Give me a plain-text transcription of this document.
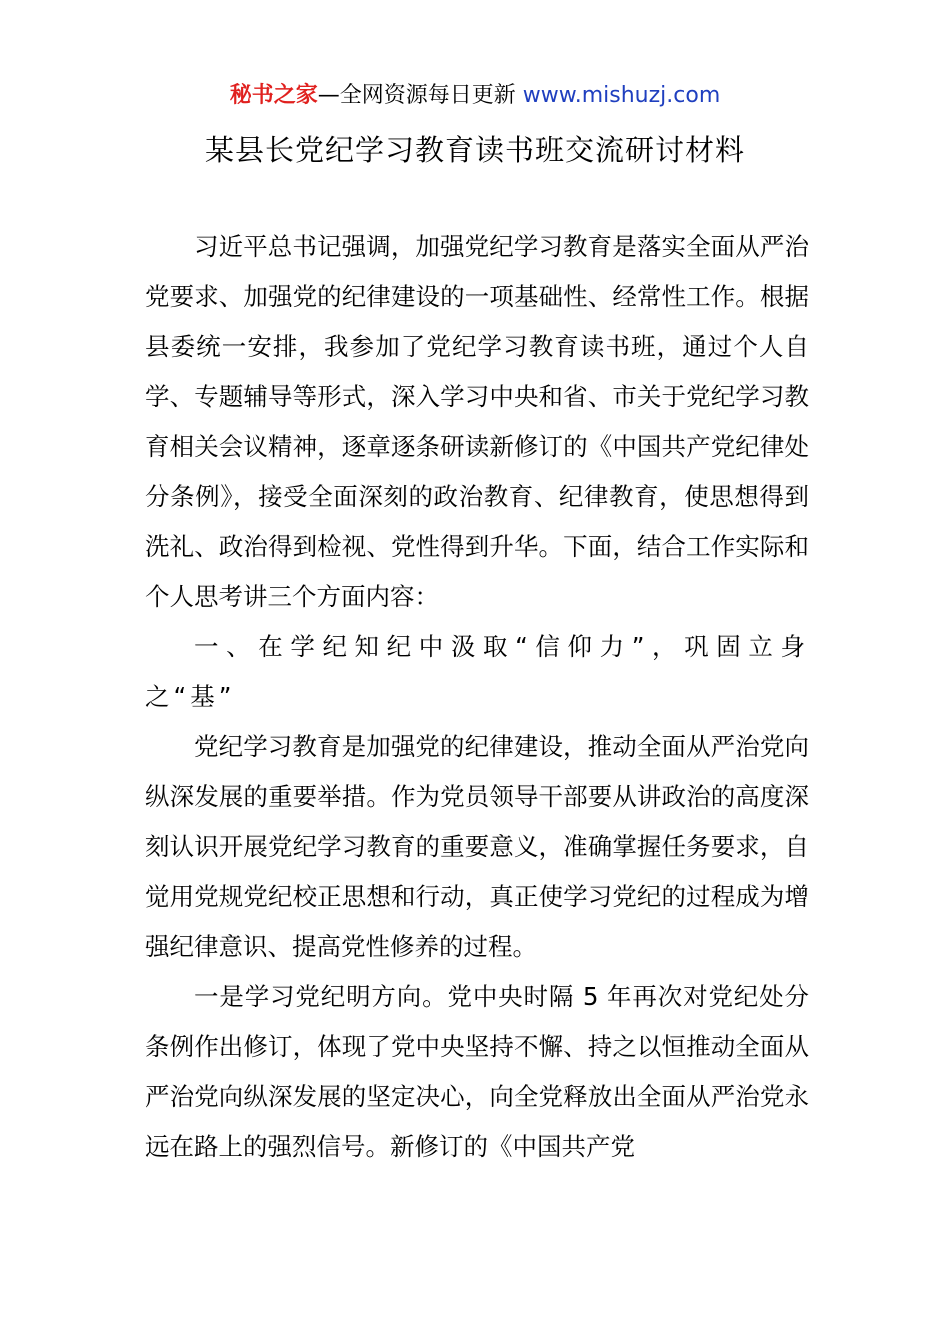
秘书之家—全网资源每日更新 www.mishuzj.com
某县长党纪学习教育读书班交流研讨材料

习近平总书记强调，加强党纪学习教育是落实全面从严治党要求、加强党的纪律建设的一项基础性、经常性工作。根据县委统一安排，我参加了党纪学习教育读书班，通过个人自学、专题辅导等形式，深入学习中央和省、市关于党纪学习教育相关会议精神，逐章逐条研读新修订的《中国共产党纪律处分条例》，接受全面深刻的政治教育、纪律教育，使思想得到洗礼、政治得到检视、党性得到升华。下面，结合工作实际和个人思考讲三个方面内容：

一、在学纪知纪中汲取“信仰力”，巩固立身之“基”

党纪学习教育是加强党的纪律建设，推动全面从严治党向纵深发展的重要举措。作为党员领导干部要从讲政治的高度深刻认识开展党纪学习教育的重要意义，准确掌握任务要求，自觉用党规党纪校正思想和行动，真正使学习党纪的过程成为增强纪律意识、提高党性修养的过程。

一是学习党纪明方向。党中央时隔 5 年再次对党纪处分条例作出修订，体现了党中央坚持不懈、持之以恒推动全面从严治党向纵深发展的坚定决心，向全党释放出全面从严治党永远在路上的强烈信号。新修订的《中国共产党
